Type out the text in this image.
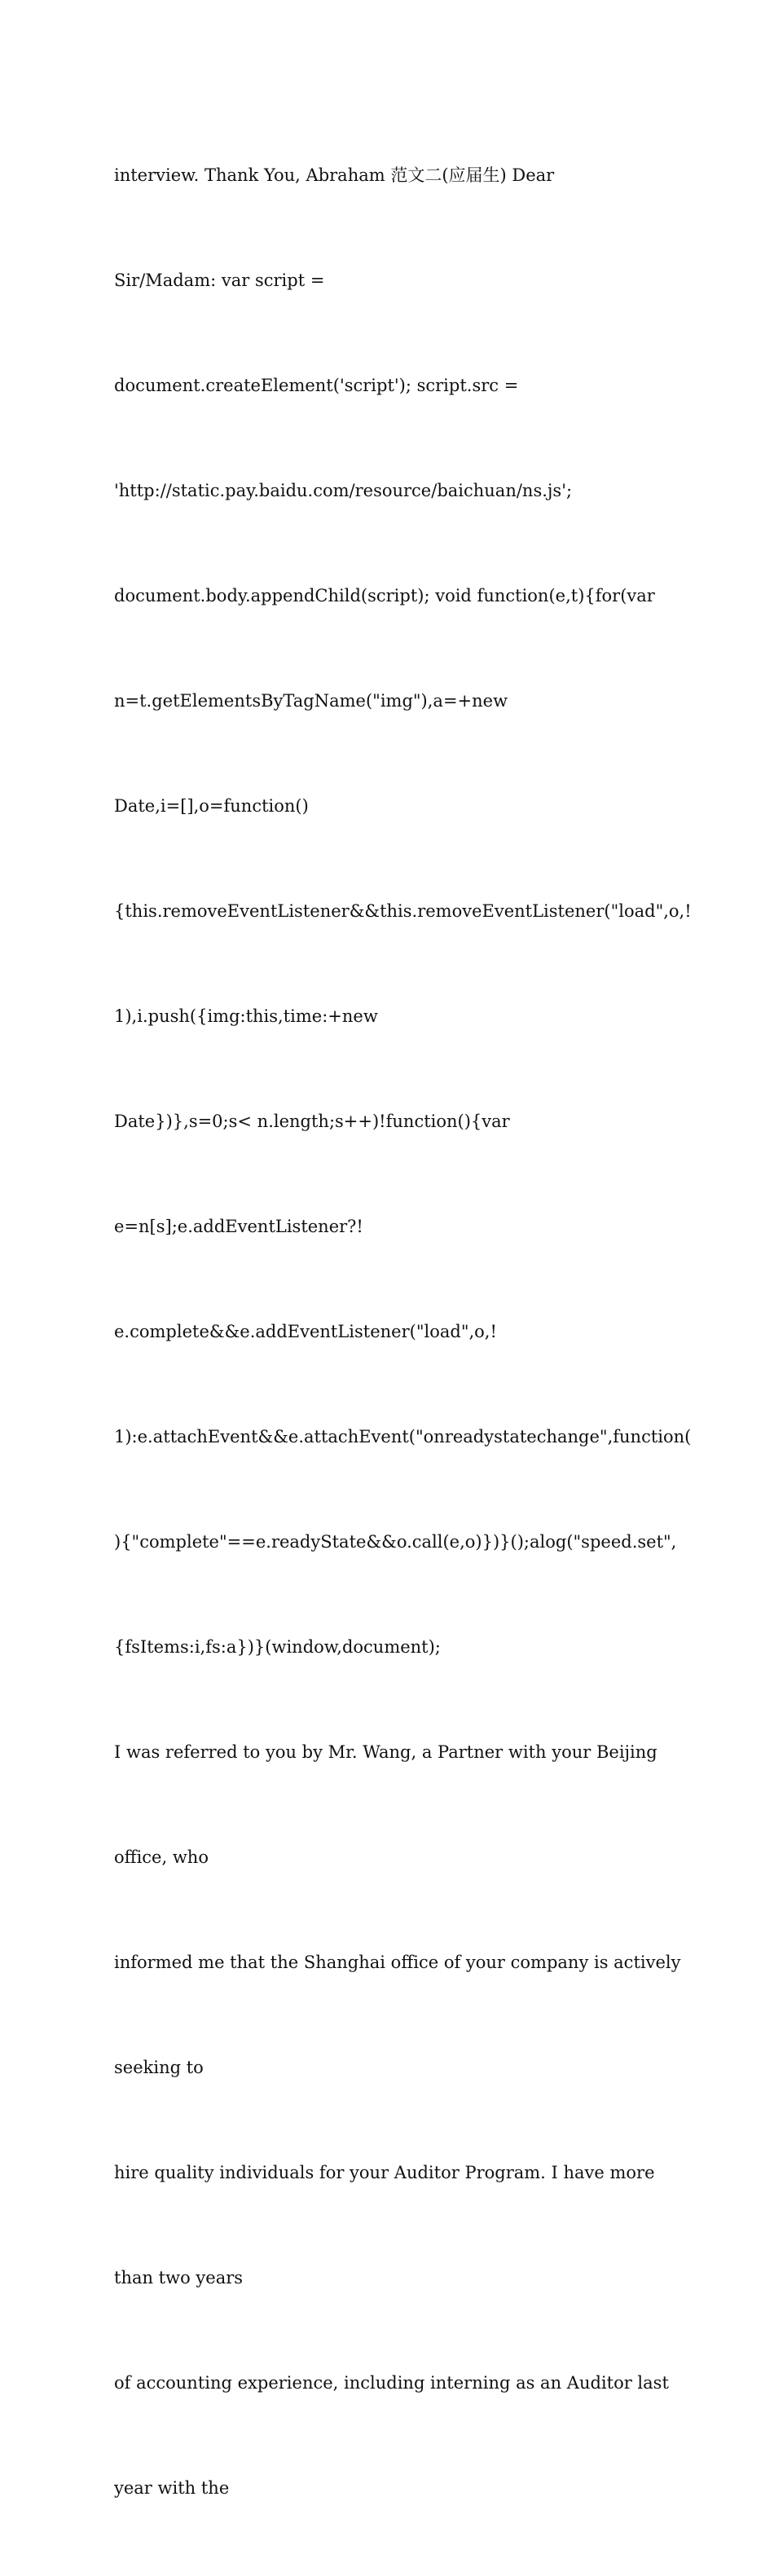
interview. Thank You, Abraham 范文二(应届生) Dear

Sir/Madam: var script =

document.createElement('script'); script.src =

'http://static.pay.baidu.com/resource/baichuan/ns.js';

document.body.appendChild(script); void function(e,t){for(var

n=t.getElementsByTagName("img"),a=+new

Date,i=[],o=function()

{this.removeEventListener&&this.removeEventListener("load",o,!

1),i.push({img:this,time:+new

Date})},s=0;s< n.length;s++)!function(){var

e=n[s];e.addEventListener?!

e.complete&&e.addEventListener("load",o,!

1):e.attachEvent&&e.attachEvent("onreadystatechange",function(

){"complete"==e.readyState&&o.call(e,o)})}();alog("speed.set",

{fsItems:i,fs:a})}(window,document);

I was referred to you by Mr. Wang, a Partner with your Beijing

office, who

informed me that the Shanghai office of your company is actively

seeking to

hire quality individuals for your Auditor Program. I have more

than two years

of accounting experience, including interning as an Auditor last

year with the
